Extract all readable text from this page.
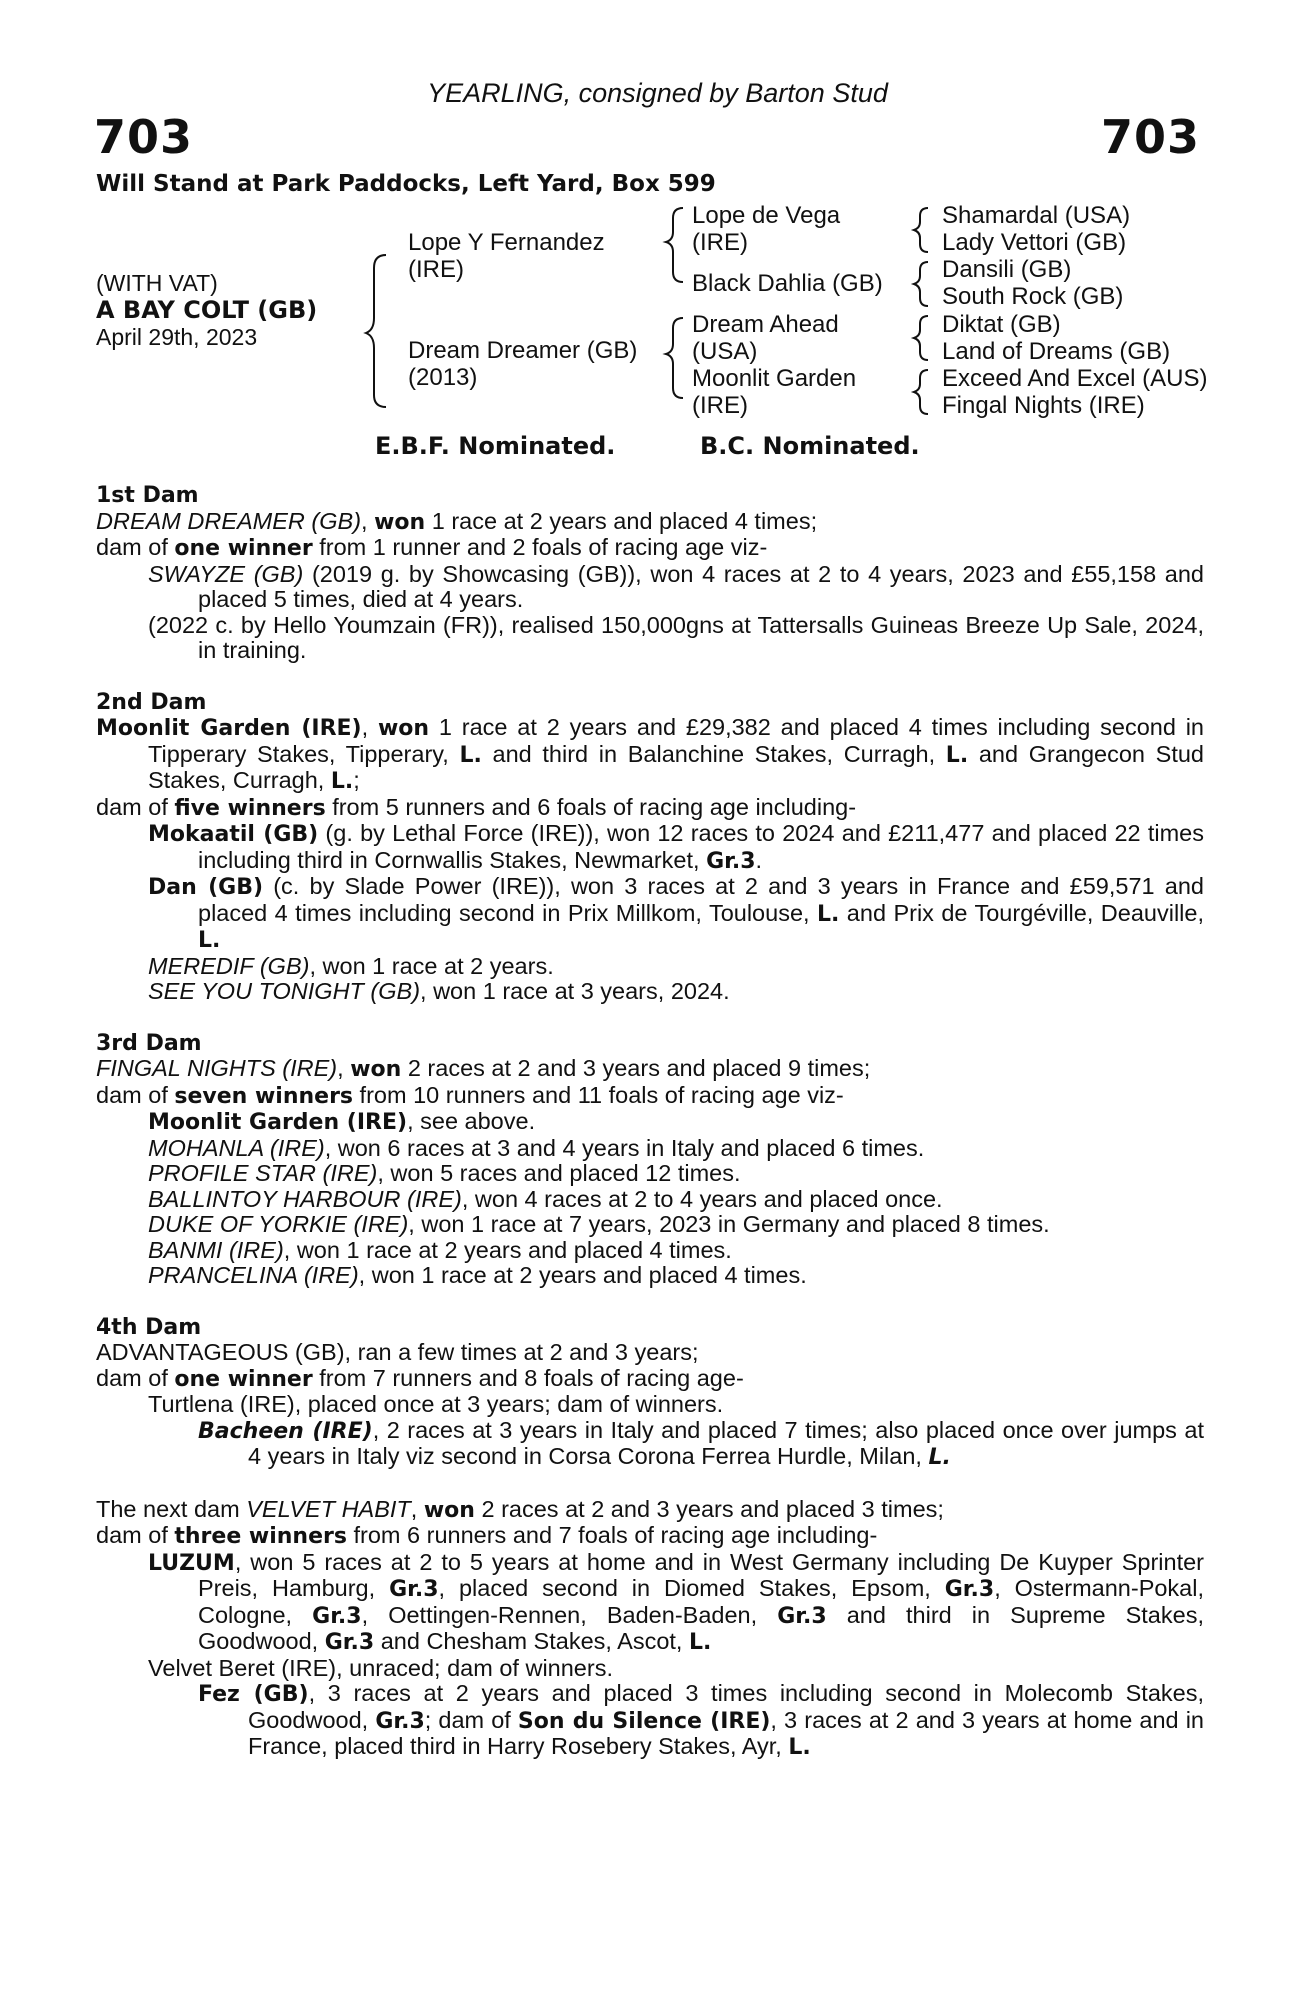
YEARLING, consigned by Barton Stud
703	703
Will Stand at Park Paddocks, Left Yard, Box 599
(WITH VAT)
A BAY COLT (GB)
April 29th, 2023
Lope Y Fernandez
(IRE)
Dream Dreamer (GB)
(2013)
Lope de Vega
(IRE)
Black Dahlia (GB)
Dream Ahead
(USA)
Moonlit Garden
(IRE)
Shamardal (USA)
Lady Vettori (GB)
Dansili (GB)
South Rock (GB)
Diktat (GB)
Land of Dreams (GB)
Exceed And Excel (AUS)
Fingal Nights (IRE)
E.B.F. Nominated.	B.C. Nominated.

1st Dam

DREAM DREAMER (GB), won 1 race at 2 years and placed 4 times;

dam of one winner from 1 runner and 2 foals of racing age viz-

SWAYZE (GB) (2019 g. by Showcasing (GB)), won 4 races at 2 to 4 years, 2023 and £55,158 and placed 5 times, died at 4 years.

(2022 c. by Hello Youmzain (FR)), realised 150,000gns at Tattersalls Guineas Breeze Up Sale, 2024, in training.

2nd Dam

Moonlit Garden (IRE), won 1 race at 2 years and £29,382 and placed 4 times including second in Tipperary Stakes, Tipperary, L. and third in Balanchine Stakes, Curragh, L. and Grangecon Stud Stakes, Curragh, L.;

dam of five winners from 5 runners and 6 foals of racing age including-

Mokaatil (GB) (g. by Lethal Force (IRE)), won 12 races to 2024 and £211,477 and placed 22 times including third in Cornwallis Stakes, Newmarket, Gr.3.

Dan (GB) (c. by Slade Power (IRE)), won 3 races at 2 and 3 years in France and £59,571 and placed 4 times including second in Prix Millkom, Toulouse, L. and Prix de Tourgéville, Deauville, L.

MEREDIF (GB), won 1 race at 2 years.

SEE YOU TONIGHT (GB), won 1 race at 3 years, 2024.

3rd Dam

FINGAL NIGHTS (IRE), won 2 races at 2 and 3 years and placed 9 times;

dam of seven winners from 10 runners and 11 foals of racing age viz-

Moonlit Garden (IRE), see above.

MOHANLA (IRE), won 6 races at 3 and 4 years in Italy and placed 6 times.

PROFILE STAR (IRE), won 5 races and placed 12 times.

BALLINTOY HARBOUR (IRE), won 4 races at 2 to 4 years and placed once.

DUKE OF YORKIE (IRE), won 1 race at 7 years, 2023 in Germany and placed 8 times.

BANMI (IRE), won 1 race at 2 years and placed 4 times.

PRANCELINA (IRE), won 1 race at 2 years and placed 4 times.

4th Dam

ADVANTAGEOUS (GB), ran a few times at 2 and 3 years;

dam of one winner from 7 runners and 8 foals of racing age-

Turtlena (IRE), placed once at 3 years; dam of winners.

Bacheen (IRE), 2 races at 3 years in Italy and placed 7 times; also placed once over jumps at 4 years in Italy viz second in Corsa Corona Ferrea Hurdle, Milan, L.

The next dam VELVET HABIT, won 2 races at 2 and 3 years and placed 3 times;

dam of three winners from 6 runners and 7 foals of racing age including-

LUZUM, won 5 races at 2 to 5 years at home and in West Germany including De Kuyper Sprinter Preis, Hamburg, Gr.3, placed second in Diomed Stakes, Epsom, Gr.3, Ostermann-Pokal, Cologne, Gr.3, Oettingen-Rennen, Baden-Baden, Gr.3 and third in Supreme Stakes, Goodwood, Gr.3 and Chesham Stakes, Ascot, L.

Velvet Beret (IRE), unraced; dam of winners.

Fez (GB), 3 races at 2 years and placed 3 times including second in Molecomb Stakes, Goodwood, Gr.3; dam of Son du Silence (IRE), 3 races at 2 and 3 years at home and in France, placed third in Harry Rosebery Stakes, Ayr, L.
